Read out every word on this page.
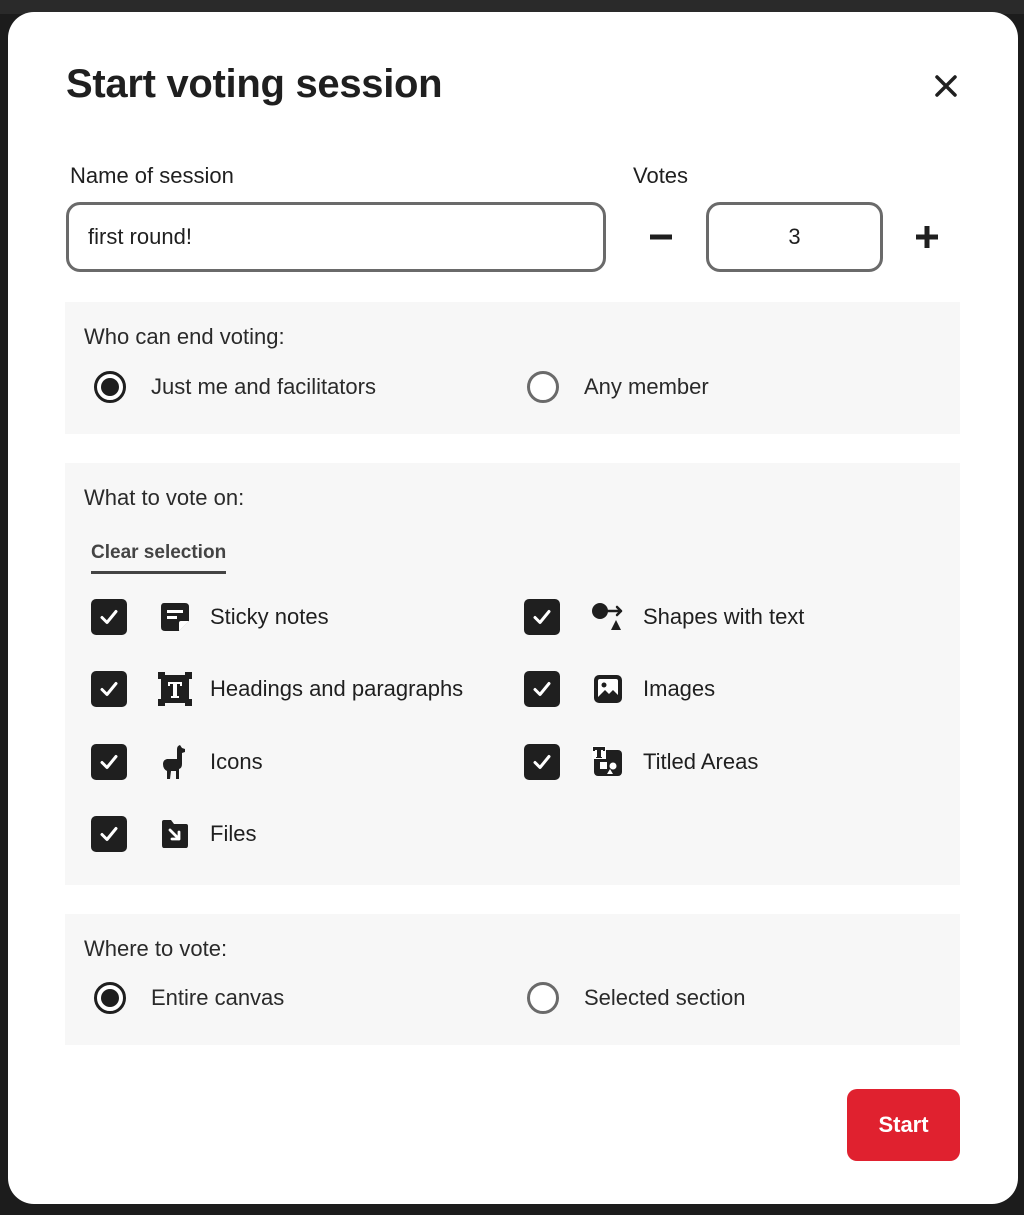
Start voting session
Name of session
first round!	Votes
3
Who can end voting:
Just me and facilitators	Any member
What to vote on:
Clear selection
Sticky notes	Shapes with text
Headings and paragraphs	Images
Icons	Titled Areas
Files
Where to vote:
Entire canvas	Selected section
Start
